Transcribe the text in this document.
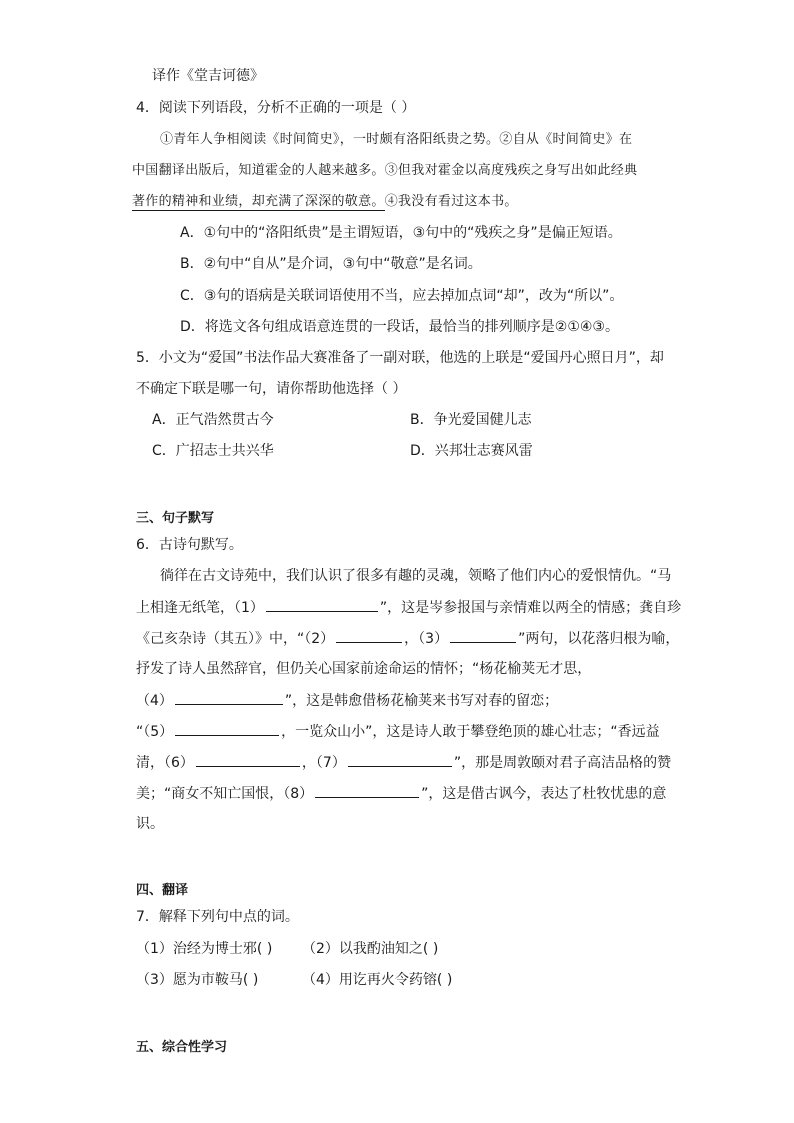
译作《堂吉诃德》
4．阅读下列语段，分析不正确的一项是（ ）
①青年人争相阅读《时间简史》，一时颇有洛阳纸贵之势。②自从《时间简史》在
中国翻译出版后，知道霍金的人越来越多。③但我对霍金以高度残疾之身写出如此经典
著作的精神和业绩，却充满了深深的敬意。④我没有看过这本书。
A．①句中的“洛阳纸贵”是主谓短语，③句中的“残疾之身”是偏正短语。
B．②句中“自从”是介词，③句中“敬意”是名词。
C．③句的语病是关联词语使用不当，应去掉加点词“却”，改为“所以”。
D．将选文各句组成语意连贯的一段话，最恰当的排列顺序是②①④③。
5．小文为“爱国”书法作品大赛准备了一副对联，他选的上联是“爱国丹心照日月”，却
不确定下联是哪一句，请你帮助他选择（ ）
A．正气浩然贯古今	B．争光爱国健儿志
C．广招志士共兴华	D．兴邦壮志赛风雷
三、句子默写
6．古诗句默写。
徜徉在古文诗苑中，我们认识了很多有趣的灵魂，领略了他们内心的爱恨情仇。“马
上相逢无纸笔，（1）	”，这是岑参报国与亲情难以两全的情感；龚自珍
《己亥杂诗（其五）》中，“（2）	，（3）	”两句，以花落归根为喻，
抒发了诗人虽然辞官，但仍关心国家前途命运的情怀；“杨花榆荚无才思，
（4）	”，这是韩愈借杨花榆荚来书写对春的留恋；
“（5）	，一览众山小”，这是诗人敢于攀登绝顶的雄心壮志；“香远益
清，（6）	，（7）	”，那是周敦颐对君子高洁品格的赞
美；“商女不知亡国恨，（8）	”，这是借古讽今，表达了杜牧忧患的意
识。
四、翻译
7．解释下列句中点的词。
（1）治经为博士邪( ) （2）以我酌油知之( )
（3）愿为市鞍马( )	（4）用讫再火令药镕( )
五、综合性学习
